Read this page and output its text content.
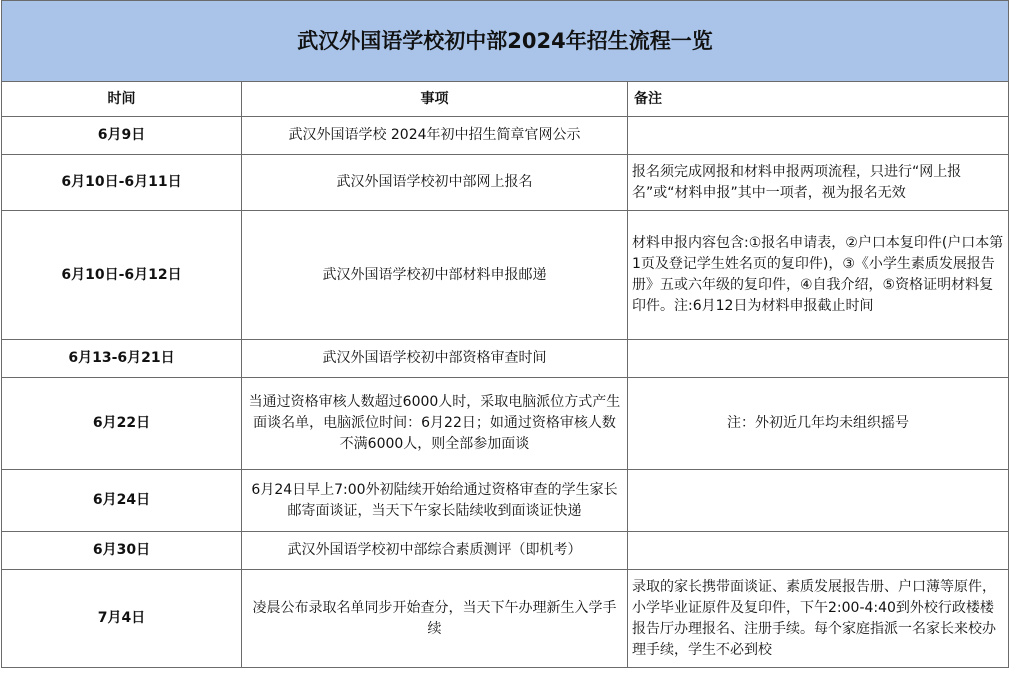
武汉外国语学校初中部2024年招生流程一览		
时间	事项	备注
6月9日	武汉外国语学校 2024年初中招生简章官网公示	
6月10日-6月11日	武汉外国语学校初中部网上报名	报名须完成网报和材料申报两项流程，只进行“网上报名”或“材料申报”其中一项者，视为报名无效
6月10日-6月12日	武汉外国语学校初中部材料申报邮递	材料申报内容包含:①报名申请表，②户口本复印件(户口本第1页及登记学生姓名页的复印件)，③《小学生素质发展报告册》五或六年级的复印件，④自我介绍，⑤资格证明材料复印件。注:6月12日为材料申报截止时间
6月13-6月21日	武汉外国语学校初中部资格审查时间	
6月22日	当通过资格审核人数超过6000人时，采取电脑派位方式产生面谈名单，电脑派位时间：6月22日；如通过资格审核人数不满6000人，则全部参加面谈	注：外初近几年均未组织摇号
6月24日	6月24日早上7:00外初陆续开始给通过资格审查的学生家长邮寄面谈证，当天下午家长陆续收到面谈证快递	
6月30日	武汉外国语学校初中部综合素质测评（即机考）	
7月4日	凌晨公布录取名单同步开始查分，当天下午办理新生入学手续	录取的家长携带面谈证、素质发展报告册、户口薄等原件，小学毕业证原件及复印件，下午2:00-4:40到外校行政楼楼报告厅办理报名、注册手续。每个家庭指派一名家长来校办理手续，学生不必到校
